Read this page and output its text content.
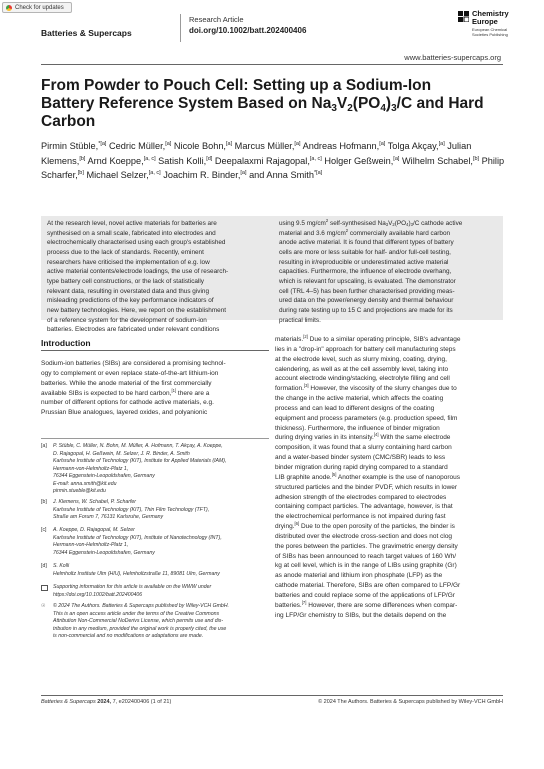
Check for updates
Batteries & Supercaps
Research Article
doi.org/10.1002/batt.202400406
Chemistry
Europe
European Chemical
Societies Publishing
www.batteries-supercaps.org
From Powder to Pouch Cell: Setting up a Sodium-Ion
Battery Reference System Based on $Na_3V_2(PO_4)_3/C$ and Hard
Carbon
Pirmin Stüble,$^{*[a]}$ Cedric Müller,[a] Nicole Bohn,[a] Marcus Müller,[a] Andreas Hofmann,[a] Tolga Akçay,[a] Julian Klemens,[b] Arnd Koeppe,[a, c] Satish Kolli,[d] Deepalaxmi Rajagopal,[a, c] Holger Geßwein,[a] Wilhelm Schabel,[b] Philip Scharfer,[b] Michael Selzer,[a, c] Joachim R. Binder,[a] and Anna Smith$^{*[a]}$
At the research level, novel active materials for batteries are
synthesised on a small scale, fabricated into electrodes and
electrochemically characterised using each group's established
process due to the lack of standards. Recently, eminent
researchers have criticised the implementation of e.g. low
active material contents/electrode loadings, the use of research-
type battery cell constructions, or the lack of statistically
relevant data, resulting in overstated data and thus giving
misleading predictions of the key performance indicators of
new battery technologies. Here, we report on the establishment
of a reference system for the development of sodium-ion
batteries. Electrodes are fabricated under relevant conditions
using 9.5 $mg/cm^2$ self-synthesised $Na_3V_2(PO_4)_3/C$ cathode active
material and 3.6 $mg/cm^2$ commercially available hard carbon
anode active material. It is found that different types of battery
cells are more or less suitable for half- and/or full-cell testing,
resulting in ir/reproducible or underestimated active material
capacities. Furthermore, the influence of electrode overhang,
which is relevant for upscaling, is evaluated. The demonstrator
cell (TRL 4–5) has been further characterised providing meas-
ured data on the power/energy density and thermal behaviour
during rate testing up to 15 C and projections are made for its
practical limits.
Introduction
Sodium-ion batteries (SIBs) are considered a promising technol-
ogy to complement or even replace state-of-the-art lithium-ion
batteries. While the anode material of the first commercially
available SIBs is expected to be hard carbon,[1] there are a
number of different options for cathode active materials, e.g.
Prussian Blue analogues, layered oxides, and polyanionic
[a] P. Stüble, C. Müller, N. Bohn, M. Müller, A. Hofmann, T. Akçay, A. Koeppe,
D. Rajagopal, H. Geßwein, M. Selzer, J. R. Binder, A. Smith
Karlsruhe Institute of Technology (KIT), Institute for Applied Materials (IAM),
Hermann-von-Helmholtz-Platz 1,
76344 Eggenstein-Leopoldshafen, Germany
E-mail: anna.smith@kit.edu
pirmin.stueble@kit.edu
[b] J. Klemens, W. Schabel, P. Scharfer
Karlsruhe Institute of Technology (KIT), Thin Film Technology (TFT),
Straße am Forum 7, 76131 Karlsruhe, Germany
[c] A. Koeppe, D. Rajagopal, M. Selzer
Karlsruhe Institute of Technology (KIT), Institute of Nanotechnology (INT),
Hermann-von-Helmholtz-Platz 1,
76344 Eggenstein-Leopoldshafen, Germany
[d] S. Kolli
Helmholtz Institute Ulm (HIU), Helmholtzstraße 11, 89081 Ulm, Germany
Supporting information for this article is available on the WWW under
https://doi.org/10.1002/batt.202400406
☉ © 2024 The Authors. Batteries & Supercaps published by Wiley-VCH GmbH.
This is an open access article under the terms of the Creative Commons
Attribution Non-Commercial NoDerivs License, which permits use and dis-
tribution in any medium, provided the original work is properly cited, the use
is non-commercial and no modifications or adaptations are made.
materials.[2] Due to a similar operating principle, SIB's advantage
lies in a "drop-in" approach for battery cell manufacturing steps
at the electrode level, such as slurry mixing, coating, drying,
calendering, as well as at the cell assembly level, taking into
account electrode winding/stacking, electrolyte filling and cell
formation.[3] However, the viscosity of the slurry changes due to
the change in the active material, which affects the coating
process and can lead to different designs of the coating
equipment and process parameters (e.g. production speed, film
thickness). Furthermore, the influence of binder migration
during drying varies in its intensity.[4] With the same electrode
composition, it was found that a slurry containing hard carbon
and a water-based binder system (CMC/SBR) leads to less
binder migration during rapid drying compared to a standard
LIB graphite anode.[5] Another example is the use of nanoporous
structured particles and the binder PVDF, which results in lower
adhesion strength of the electrodes compared to electrodes
containing compact particles. The advantage, however, is that
the electrochemical performance is not impaired during fast
drying.[6] Due to the open porosity of the particles, the binder is
distributed over the electrode cross-section and does not clog
the pores between the particles. The gravimetric energy density
of SIBs has been announced to reach target values of 160 Wh/
kg at cell level, which is in the range of LIBs using graphite (Gr)
as anode material and lithium iron phosphate (LFP) as the
cathode material. Therefore, SIBs are often compared to LFP/Gr
batteries and could replace some of the applications of LFP/Gr
batteries.[7] However, there are some differences when compar-
ing LFP/Gr chemistry to SIBs, but the details depend on the
Batteries & Supercaps 2024, 7, e202400406 (1 of 21)	© 2024 The Authors. Batteries & Supercaps published by Wiley-VCH GmbH
